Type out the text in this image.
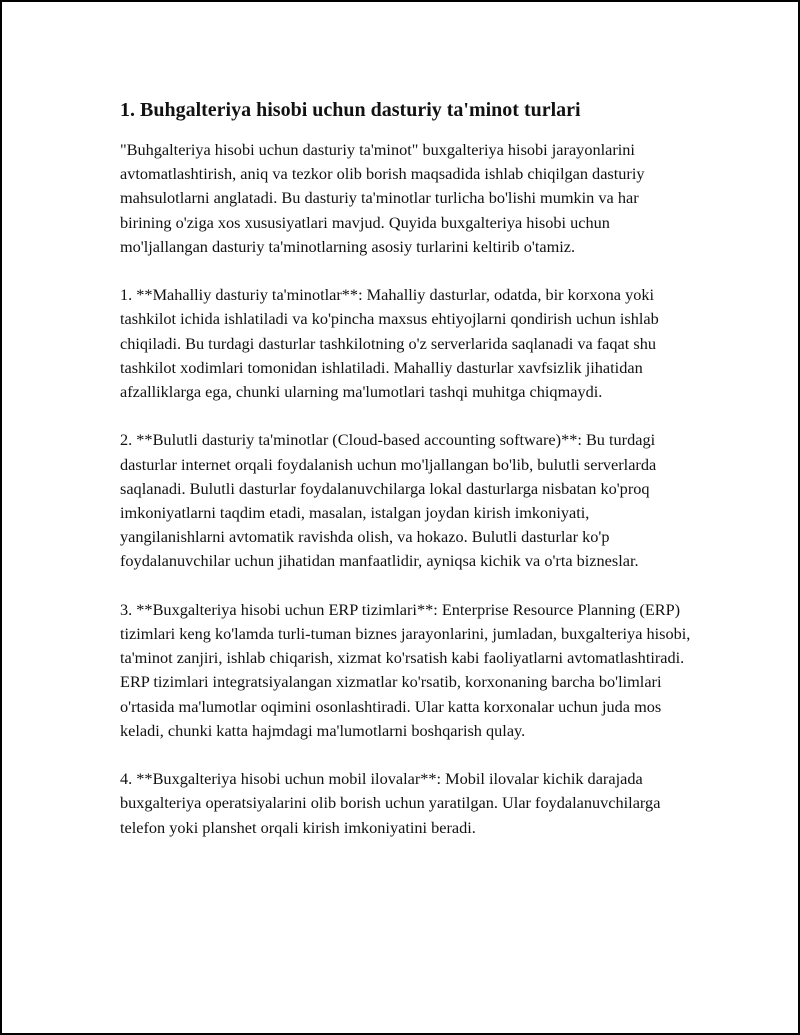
1. Buhgalteriya hisobi uchun dasturiy ta'minot turlari

"Buhgalteriya hisobi uchun dasturiy ta'minot" buxgalteriya hisobi jarayonlarini avtomatlashtirish, aniq va tezkor olib borish maqsadida ishlab chiqilgan dasturiy mahsulotlarni anglatadi. Bu dasturiy ta'minotlar turlicha bo'lishi mumkin va har birining o'ziga xos xususiyatlari mavjud. Quyida buxgalteriya hisobi uchun mo'ljallangan dasturiy ta'minotlarning asosiy turlarini keltirib o'tamiz.

1. **Mahalliy dasturiy ta'minotlar**: Mahalliy dasturlar, odatda, bir korxona yoki tashkilot ichida ishlatiladi va ko'pincha maxsus ehtiyojlarni qondirish uchun ishlab chiqiladi. Bu turdagi dasturlar tashkilotning o'z serverlarida saqlanadi va faqat shu tashkilot xodimlari tomonidan ishlatiladi. Mahalliy dasturlar xavfsizlik jihatidan afzalliklarga ega, chunki ularning ma'lumotlari tashqi muhitga chiqmaydi.

2. **Bulutli dasturiy ta'minotlar (Cloud-based accounting software)**: Bu turdagi dasturlar internet orqali foydalanish uchun mo'ljallangan bo'lib, bulutli serverlarda saqlanadi. Bulutli dasturlar foydalanuvchilarga lokal dasturlarga nisbatan ko'proq imkoniyatlarni taqdim etadi, masalan, istalgan joydan kirish imkoniyati, yangilanishlarni avtomatik ravishda olish, va hokazo. Bulutli dasturlar ko'p foydalanuvchilar uchun jihatidan manfaatlidir, ayniqsa kichik va o'rta bizneslar.

3. **Buxgalteriya hisobi uchun ERP tizimlari**: Enterprise Resource Planning (ERP) tizimlari keng ko'lamda turli-tuman biznes jarayonlarini, jumladan, buxgalteriya hisobi, ta'minot zanjiri, ishlab chiqarish, xizmat ko'rsatish kabi faoliyatlarni avtomatlashtiradi. ERP tizimlari integratsiyalangan xizmatlar ko'rsatib, korxonaning barcha bo'limlari o'rtasida ma'lumotlar oqimini osonlashtiradi. Ular katta korxonalar uchun juda mos keladi, chunki katta hajmdagi ma'lumotlarni boshqarish qulay.

4. **Buxgalteriya hisobi uchun mobil ilovalar**: Mobil ilovalar kichik darajada buxgalteriya operatsiyalarini olib borish uchun yaratilgan. Ular foydalanuvchilarga telefon yoki planshet orqali kirish imkoniyatini beradi.
